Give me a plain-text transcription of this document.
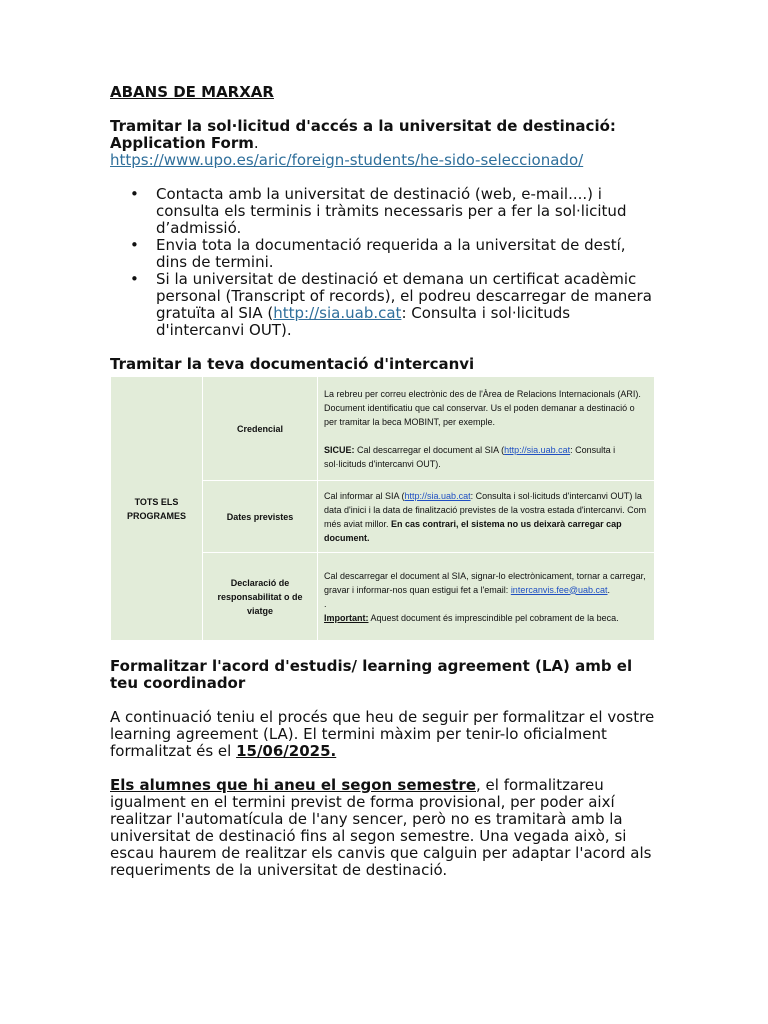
ABANS DE MARXAR

Tramitar la sol·licitud d'accés a la universitat de destinació: Application Form.

https://www.upo.es/aric/foreign-students/he-sido-seleccionado/

• Contacta amb la universitat de destinació (web, e-mail....) i consulta els terminis i tràmits necessaris per a fer la sol·licitud d’admissió.
• Envia tota la documentació requerida a la universitat de destí, dins de termini.
• Si la universitat de destinació et demana un certificat acadèmic personal (Transcript of records), el podreu descarregar de manera gratuïta al SIA (http://sia.uab.cat: Consulta i sol·licituds d'intercanvi OUT).

Tramitar la teva documentació d'intercanvi

TOTS ELS PROGRAMES	Credencial	La rebreu per correu electrònic des de l'Àrea de Relacions Internacionals (ARI). Document identificatiu que cal conservar. Us el poden demanar a destinació o per tramitar la beca MOBINT, per exemple.
SICUE: Cal descarregar el document al SIA (http://sia.uab.cat: Consulta i sol·licituds d'intercanvi OUT).

	Dates previstes	Cal informar al SIA (http://sia.uab.cat: Consulta i sol·licituds d'intercanvi OUT) la data d'inici i la data de finalització previstes de la vostra estada d'intercanvi. Com més aviat millor. En cas contrari, el sistema no us deixarà carregar cap document.
	Declaració de responsabilitat o de viatge	Cal descarregar el document al SIA, signar-lo electrònicament, tornar a carregar, gravar i informar-nos quan estigui fet a l'email: intercanvis.fee@uab.cat.
.
Important: Aquest document és imprescindible pel cobrament de la beca.

Formalitzar l'acord d'estudis/ learning agreement (LA) amb el teu coordinador

A continuació teniu el procés que heu de seguir per formalitzar el vostre learning agreement (LA). El termini màxim per tenir-lo oficialment formalitzat és el 15/06/2025.

Els alumnes que hi aneu el segon semestre, el formalitzareu igualment en el termini previst de forma provisional, per poder així realitzar l'automatícula de l'any sencer, però no es tramitarà amb la universitat de destinació fins al segon semestre. Una vegada això, si escau haurem de realitzar els canvis que calguin per adaptar l'acord als requeriments de la universitat de destinació.
